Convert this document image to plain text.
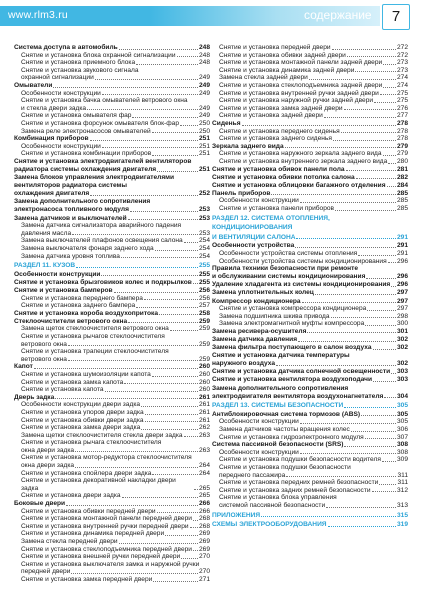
www.rlm3.ru	содержание	7
Система доступа в автомобиль	248
Снятие и установка блока охранной сигнализации	248
Снятие и установка приемного блока	248
Снятие и установка звукового сигнала
охранной сигнализации	249
Омыватели	249
Особенности конструкции	249
Снятие и установка бачка омывателей ветрового окна
и стекла двери задка	249
Снятие и установка омывателя фар	249
Снятие и установка форсунок омывателя блок-фар	250
Замена реле электронасосов омывателей	250
Комбинация приборов	251
Особенности конструкции	251
Снятие и установка комбинации приборов	251
Снятие и установка электродвигателей вентиляторов
радиатора системы охлаждения двигателя	251
Замена блоков управления электродвигателями
вентиляторов радиатора системы
охлаждения двигателя	252
Замена дополнительного сопротивления
электронасоса топливного модуля	253
Замена датчиков и выключателей	253
Замена датчика сигнализатора аварийного падения
давления масла	253
Замена выключателей плафонов освещения салона 254
Замена выключателя фонаря заднего хода	254
Замена датчика уровня топлива	254
РАЗДЕЛ 11. КУЗОВ	255
Особенности конструкции	255
Снятие и установка брызговиков колес и подкрылков 255
Снятие и установка бамперов	256
Снятие и установка переднего бампера	256
Снятие и установка заднего бампера	257
Снятие и установка короба воздухопритока	258
Стеклоочистители ветрового окна	259
Замена щеток стеклоочистителя ветрового окна	259
Снятие и установка рычагов стеклоочистителя
ветрового окна	259
Снятие и установка трапеции стеклоочистителя
ветрового окна	259
Капот	260
Снятие и установка шумоизоляции капота	260
Снятие и установка замка капота	260
Снятие и установка капота	260
Дверь задка	261
Особенности конструкции двери задка	261
Снятие и установка упоров двери задка	261
Снятие и установка обивки двери задка	261
Снятие и установка замка двери задка	262
Замена щетки стеклоочистителя стекла двери задка 263
Снятие и установка рычага стеклоочистителя
окна двери задка	263
Снятие и установка мотор-редуктора стеклоочистителя
окна двери задка	264
Снятие и установка спойлера двери задка	264
Снятие и установка декоративной накладки двери задка	265
Снятие и установка двери задка	265
Боковые двери	266
Снятие и установка обивки передней двери	266
Снятие и установка монтажной панели передней двери 268
Снятие и установка внутренней ручки передней двери 268
Снятие и установка динамика передней двери	269
Замена стекла передней двери	269
Снятие и установка стеклоподъемника передней двери 269
Снятие и установка внешней ручки передней двери	270
Снятие и установка выключателя замка и наружной ручки
передней двери	270
Снятие и установка замка передней двери	271
Снятие и установка передней двери	272
Снятие и установка обивки задней двери	272
Снятие и установка монтажной панели задней двери 273
Снятие и установка динамика задней двери	273
Замена стекла задней двери	274
Снятие и установка стеклоподъемника задней двери 274
Снятие и установка внутренней ручки задней двери	275
Снятие и установка наружной ручки задней двери	275
Снятие и установка замка задней двери	276
Снятие и установка задней двери	277
Сиденья	278
Снятие и установка переднего сиденья	278
Снятие и установка заднего сиденья	278
Зеркала заднего вида	279
Снятие и установка наружного зеркала заднего вида 279
Снятие и установка внутреннего зеркала заднего вида 280
Снятие и установка обивок панели пола	281
Снятие и установка обивки потолка салона	282
Снятие и установка облицовки багажного отделения 284
Панель приборов	285
Особенности конструкции	285
Снятие и установка панели приборов	285
РАЗДЕЛ 12. СИСТЕМА ОТОПЛЕНИЯ,
КОНДИЦИОНИРОВАНИЯ
И ВЕНТИЛЯЦИИ САЛОНА	291
Особенности устройства	291
Особенности устройства системы отопления	291
Особенности устройства системы кондиционирования 296
Правила техники безопасности при ремонте
и обслуживании системы кондиционирования	296
Удаление хладагента из системы кондиционирования 296
Замена уплотнительных колец	297
Компрессор кондиционера	297
Снятие и установка компрессора кондиционера	297
Замена подшипника шкива привода	298
Замена электромагнитной муфты компрессора	300
Замена ресивера-осушителя	301
Замена датчика давления	302
Замена фильтра поступающего в салон воздуха	302
Снятие и установка датчика температуры
наружного воздуха	302
Снятие и установка датчика солнечной освещенности 303
Снятие и установка вентилятора воздухоподачи	303
Замена дополнительного сопротивления
электродвигателя вентилятора воздухонагнетателя 304
РАЗДЕЛ 13. СИСТЕМЫ БЕЗОПАСНОСТИ	305
Антиблокировочная система тормозов (ABS)	305
Особенности конструкции	305
Замена датчиков частоты вращения колес	306
Снятие и установка гидроэлектронного модуля	307
Система пассивной безопасности (SRS)	308
Особенности конструкции	308
Снятие и установка подушки безопасности водителя 309
Снятие и установка подушки безопасности
переднего пассажира	311
Снятие и установка передних ремней безопасности	311
Снятие и установка задних ремней безопасности	312
Снятие и установка блока управления
системой пассивной безопасности	313
ПРИЛОЖЕНИЯ	315
СХЕМЫ ЭЛЕКТРООБОРУДОВАНИЯ	319
